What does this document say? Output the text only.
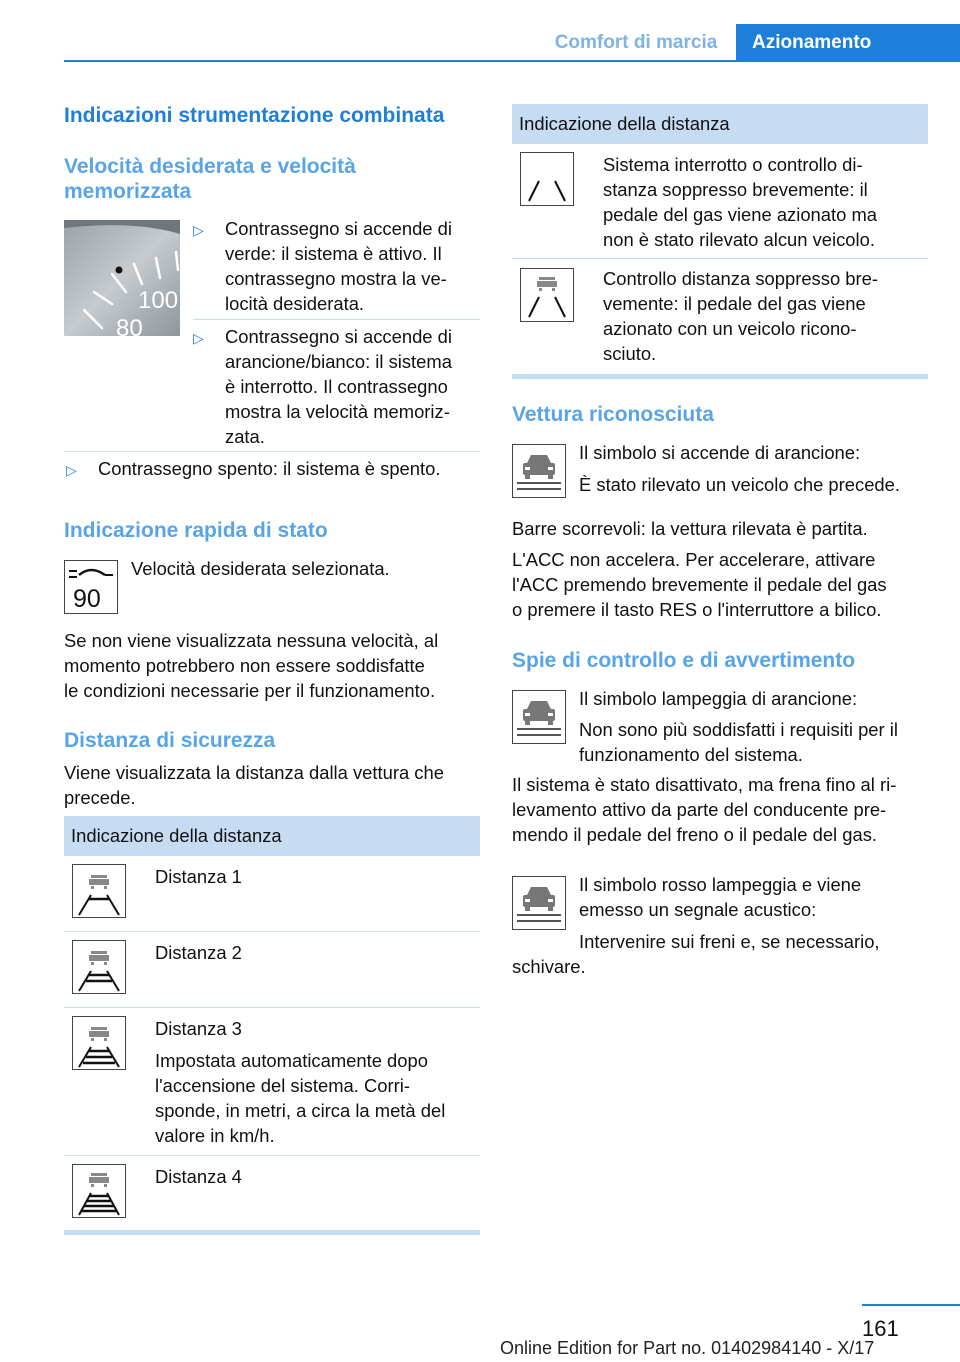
Comfort di marcia	Azionamento
Indicazioni strumentazione combinata
Velocità desiderata e velocità memorizzata
100
80
▷ Contrassegno si accende di
verde: il sistema è attivo. Il
contrassegno mostra la ve-
locità desiderata.
▷ Contrassegno si accende di
arancione/bianco: il sistema
è interrotto. Il contrassegno
mostra la velocità memoriz-
zata.
▷ Contrassegno spento: il sistema è spento.
Indicazione rapida di stato
90
Velocità desiderata selezionata.
Se non viene visualizzata nessuna velocità, al
momento potrebbero non essere soddisfatte
le condizioni necessarie per il funzionamento.
Distanza di sicurezza
Viene visualizzata la distanza dalla vettura che
precede.
Indicazione della distanza
Distanza 1
Distanza 2
Distanza 3
Impostata automaticamente dopo
l'accensione del sistema. Corri-
sponde, in metri, a circa la metà del
valore in km/h.
Distanza 4
Indicazione della distanza
Sistema interrotto o controllo di-
stanza soppresso brevemente: il
pedale del gas viene azionato ma
non è stato rilevato alcun veicolo.
Controllo distanza soppresso bre-
vemente: il pedale del gas viene
azionato con un veicolo ricono-
sciuto.
Vettura riconosciuta
Il simbolo si accende di arancione:
È stato rilevato un veicolo che precede.
Barre scorrevoli: la vettura rilevata è partita.
L'ACC non accelera. Per accelerare, attivare
l'ACC premendo brevemente il pedale del gas
o premere il tasto RES o l'interruttore a bilico.
Spie di controllo e di avvertimento
Il simbolo lampeggia di arancione:
Non sono più soddisfatti i requisiti per il
funzionamento del sistema.
Il sistema è stato disattivato, ma frena fino al ri-
levamento attivo da parte del conducente pre-
mendo il pedale del freno o il pedale del gas.
Il simbolo rosso lampeggia e viene
emesso un segnale acustico:
Intervenire sui freni e, se necessario,
schivare.
161
Online Edition for Part no. 01402984140 - X/17
